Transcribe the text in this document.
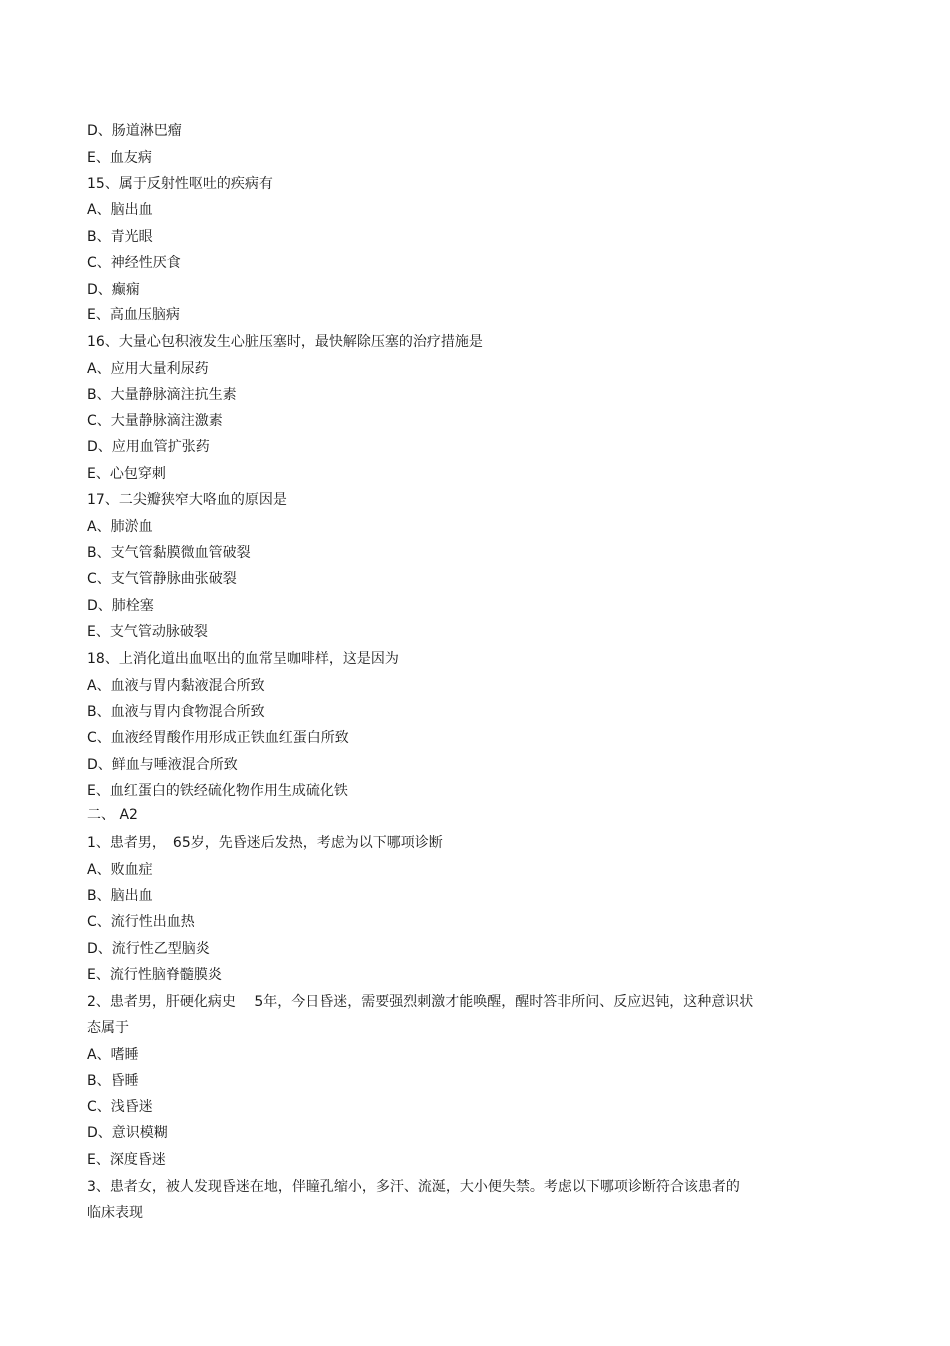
D、肠道淋巴瘤
E、血友病
15、属于反射性呕吐的疾病有
A、脑出血
B、青光眼
C、神经性厌食
D、癫痫
E、高血压脑病
16、大量心包积液发生心脏压塞时，最快解除压塞的治疗措施是
A、应用大量利尿药
B、大量静脉滴注抗生素
C、大量静脉滴注激素
D、应用血管扩张药
E、心包穿刺
17、二尖瓣狭窄大咯血的原因是
A、肺淤血
B、支气管黏膜微血管破裂
C、支气管静脉曲张破裂
D、肺栓塞
E、支气管动脉破裂
18、上消化道出血呕出的血常呈咖啡样，这是因为
A、血液与胃内黏液混合所致
B、血液与胃内食物混合所致
C、血液经胃酸作用形成正铁血红蛋白所致
D、鲜血与唾液混合所致
E、血红蛋白的铁经硫化物作用生成硫化铁
二、 A2
1、患者男，　65岁，先昏迷后发热，考虑为以下哪项诊断
A、败血症
B、脑出血
C、流行性出血热
D、流行性乙型脑炎
E、流行性脑脊髓膜炎
2、患者男，肝硬化病史　 5年，今日昏迷，需要强烈刺激才能唤醒，醒时答非所问、反应迟钝，这种意识状
态属于
A、嗜睡
B、昏睡
C、浅昏迷
D、意识模糊
E、深度昏迷
3、患者女，被人发现昏迷在地，伴瞳孔缩小，多汗、流涎，大小便失禁。考虑以下哪项诊断符合该患者的
临床表现
